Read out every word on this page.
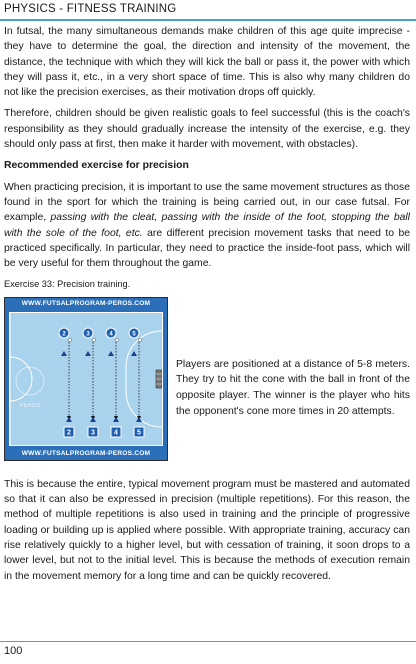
PHYSICS - FITNESS TRAINING

In futsal, the many simultaneous demands make children of this age quite imprecise - they have to determine the goal, the direction and intensity of the movement, the distance, the technique with which they will kick the ball or pass it, the power with which they will pass it, etc., in a very short space of time. This is also why many children do not like the precision exercises, as their motivation drops off quickly.

Therefore, children should be given realistic goals to feel successful (this is the coach's responsibility as they should gradually increase the intensity of the exercise, e.g. they should only pass at first, then make it harder with movement, with obstacles).

Recommended exercise for precision

When practicing precision, it is important to use the same movement structures as those found in the sport for which the training is being carried out, in our case futsal. For example, passing with the cleat, passing with the inside of the foot, stopping the ball with the sole of the foot, etc. are different precision movement tasks that need to be practiced specifically. In particular, they need to practice the inside-foot pass, which will be very useful for them throughout the game.

Exercise 33: Precision training.
WWW.FUTSALPROGRAM-PEROS.COM
PEROS
2	3	4	5
2	3	4	5
WWW.FUTSALPROGRAM-PEROS.COM
Players are positioned at a distance of 5-8 meters. They try to hit the cone with the ball in front of the opposite player. The winner is the player who hits the opponent's cone more times in 20 attempts.

This is because the entire, typical movement program must be mastered and automated so that it can also be expressed in precision (multiple repetitions). For this reason, the method of multiple repetitions is also used in training and the principle of progressive loading or building up is applied where possible. With appropriate training, accuracy can rise relatively quickly to a higher level, but with cessation of training, it soon drops to a lower level, but not to the initial level. This is because the methods of execution remain in the movement memory for a long time and can be quickly recovered.

100
